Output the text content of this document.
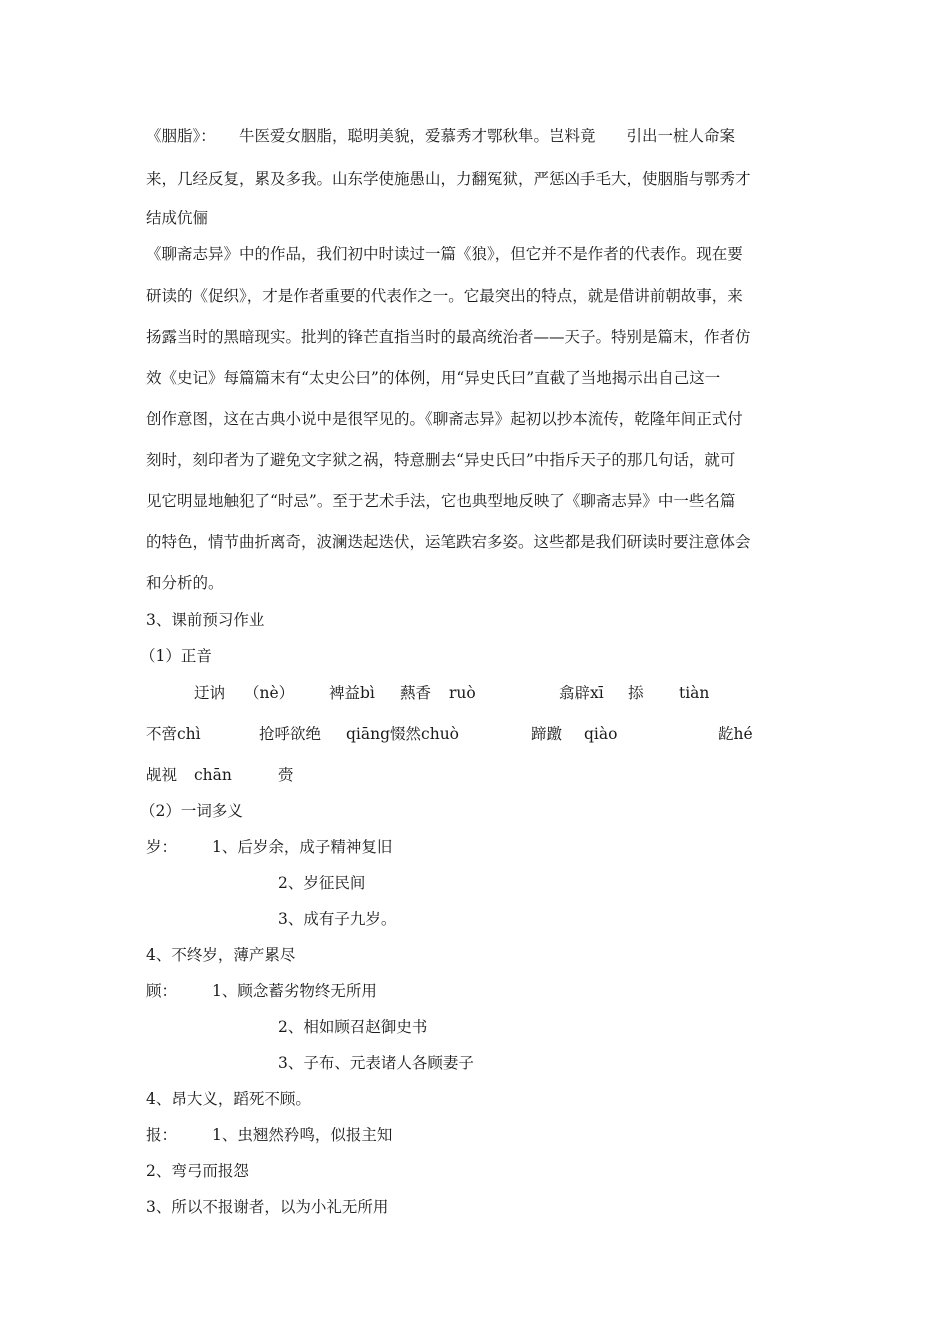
《胭脂》：　　牛医爱女胭脂，聪明美貌，爱慕秀才鄂秋隼。岂料竟　　引出一桩人命案
来，几经反复，累及多我。山东学使施愚山，力翻冤狱，严惩凶手毛大，使胭脂与鄂秀才
结成伉俪
《聊斋志异》中的作品，我们初中时读过一篇《狼》，但它并不是作者的代表作。现在要
研读的《促织》，才是作者重要的代表作之一。它最突出的特点，就是借讲前朝故事，来
扬露当时的黑暗现实。批判的锋芒直指当时的最高统治者——天子。特别是篇末，作者仿
效《史记》每篇篇末有“太史公曰”的体例，用“异史氏曰”直截了当地揭示出自己这一
创作意图，这在古典小说中是很罕见的。《聊斋志异》起初以抄本流传，乾隆年间正式付
刻时，刻印者为了避免文字狱之祸，特意删去“异史氏曰”中指斥天子的那几句话，就可
见它明显地触犯了“时忌”。至于艺术手法，它也典型地反映了《聊斋志异》中一些名篇
的特色，情节曲折离奇，波澜迭起迭伏，运笔跌宕多姿。这些都是我们研读时要注意体会
和分析的。
3、课前预习作业
（1）正音
迂讷 （nè） 裨益bì 爇香 ruò	翕辟xī 掭 tiàn
不啻chì	抢呼欲绝 qiāng惙然chuò	蹄躈 qiào	龁hé
觇视 chān	赍
（2）一词多义
岁： 1、后岁余，成子精神复旧
2、岁征民间
3、成有子九岁。
4、不终岁，薄产累尽
顾： 1、顾念蓄劣物终无所用
2、相如顾召赵御史书
3、子布、元表诸人各顾妻子
4、昂大义，蹈死不顾。
报： 1、虫翘然矜鸣，似报主知
2、弯弓而报怨
3、所以不报谢者，以为小礼无所用
